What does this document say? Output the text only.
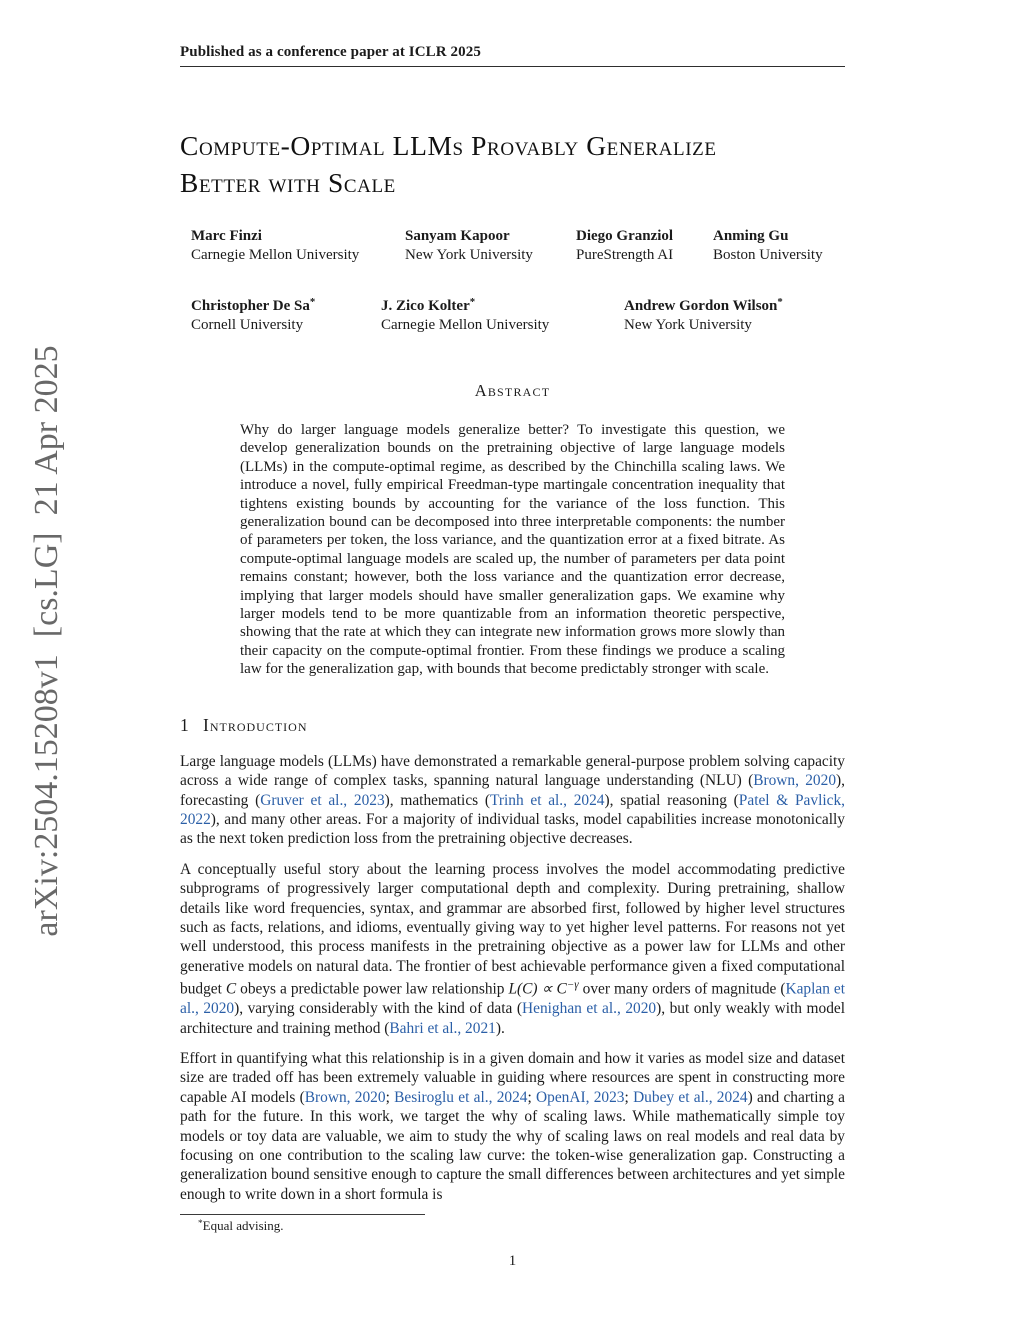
arXiv:2504.15208v1  [cs.LG]  21 Apr 2025
Published as a conference paper at ICLR 2025
Compute-Optimal LLMs Provably Generalize
Better with Scale
Marc Finzi
Carnegie Mellon University
Sanyam Kapoor
New York University
Diego Granziol
PureStrength AI
Anming Gu
Boston University
Christopher De Sa*
Cornell University
J. Zico Kolter*
Carnegie Mellon University
Andrew Gordon Wilson*
New York University
Abstract
Why do larger language models generalize better? To investigate this question, we develop generalization bounds on the pretraining objective of large language models (LLMs) in the compute-optimal regime, as described by the Chinchilla scaling laws. We introduce a novel, fully empirical Freedman-type martingale concentration inequality that tightens existing bounds by accounting for the variance of the loss function. This generalization bound can be decomposed into three interpretable components: the number of parameters per token, the loss variance, and the quantization error at a fixed bitrate. As compute-optimal language models are scaled up, the number of parameters per data point remains constant; however, both the loss variance and the quantization error decrease, implying that larger models should have smaller generalization gaps. We examine why larger models tend to be more quantizable from an information theoretic perspective, showing that the rate at which they can integrate new information grows more slowly than their capacity on the compute-optimal frontier. From these findings we produce a scaling law for the generalization gap, with bounds that become predictably stronger with scale.
1 Introduction

Large language models (LLMs) have demonstrated a remarkable general-purpose problem solving capacity across a wide range of complex tasks, spanning natural language understanding (NLU) (Brown, 2020), forecasting (Gruver et al., 2023), mathematics (Trinh et al., 2024), spatial reasoning (Patel & Pavlick, 2022), and many other areas. For a majority of individual tasks, model capabilities increase monotonically as the next token prediction loss from the pretraining objective decreases.

A conceptually useful story about the learning process involves the model accommodating predictive subprograms of progressively larger computational depth and complexity. During pretraining, shallow details like word frequencies, syntax, and grammar are absorbed first, followed by higher level structures such as facts, relations, and idioms, eventually giving way to yet higher level patterns. For reasons not yet well understood, this process manifests in the pretraining objective as a power law for LLMs and other generative models on natural data. The frontier of best achievable performance given a fixed computational budget C obeys a predictable power law relationship $L(C) \propto C^{-\gamma}$ over many orders of magnitude (Kaplan et al., 2020), varying considerably with the kind of data (Henighan et al., 2020), but only weakly with model architecture and training method (Bahri et al., 2021).

Effort in quantifying what this relationship is in a given domain and how it varies as model size and dataset size are traded off has been extremely valuable in guiding where resources are spent in constructing more capable AI models (Brown, 2020; Besiroglu et al., 2024; OpenAI, 2023; Dubey et al., 2024) and charting a path for the future. In this work, we target the why of scaling laws. While mathematically simple toy models or toy data are valuable, we aim to study the why of scaling laws on real models and real data by focusing on one contribution to the scaling law curve: the token-wise generalization gap. Constructing a generalization bound sensitive enough to capture the small differences between architectures and yet simple enough to write down in a short formula is

*Equal advising.
1
